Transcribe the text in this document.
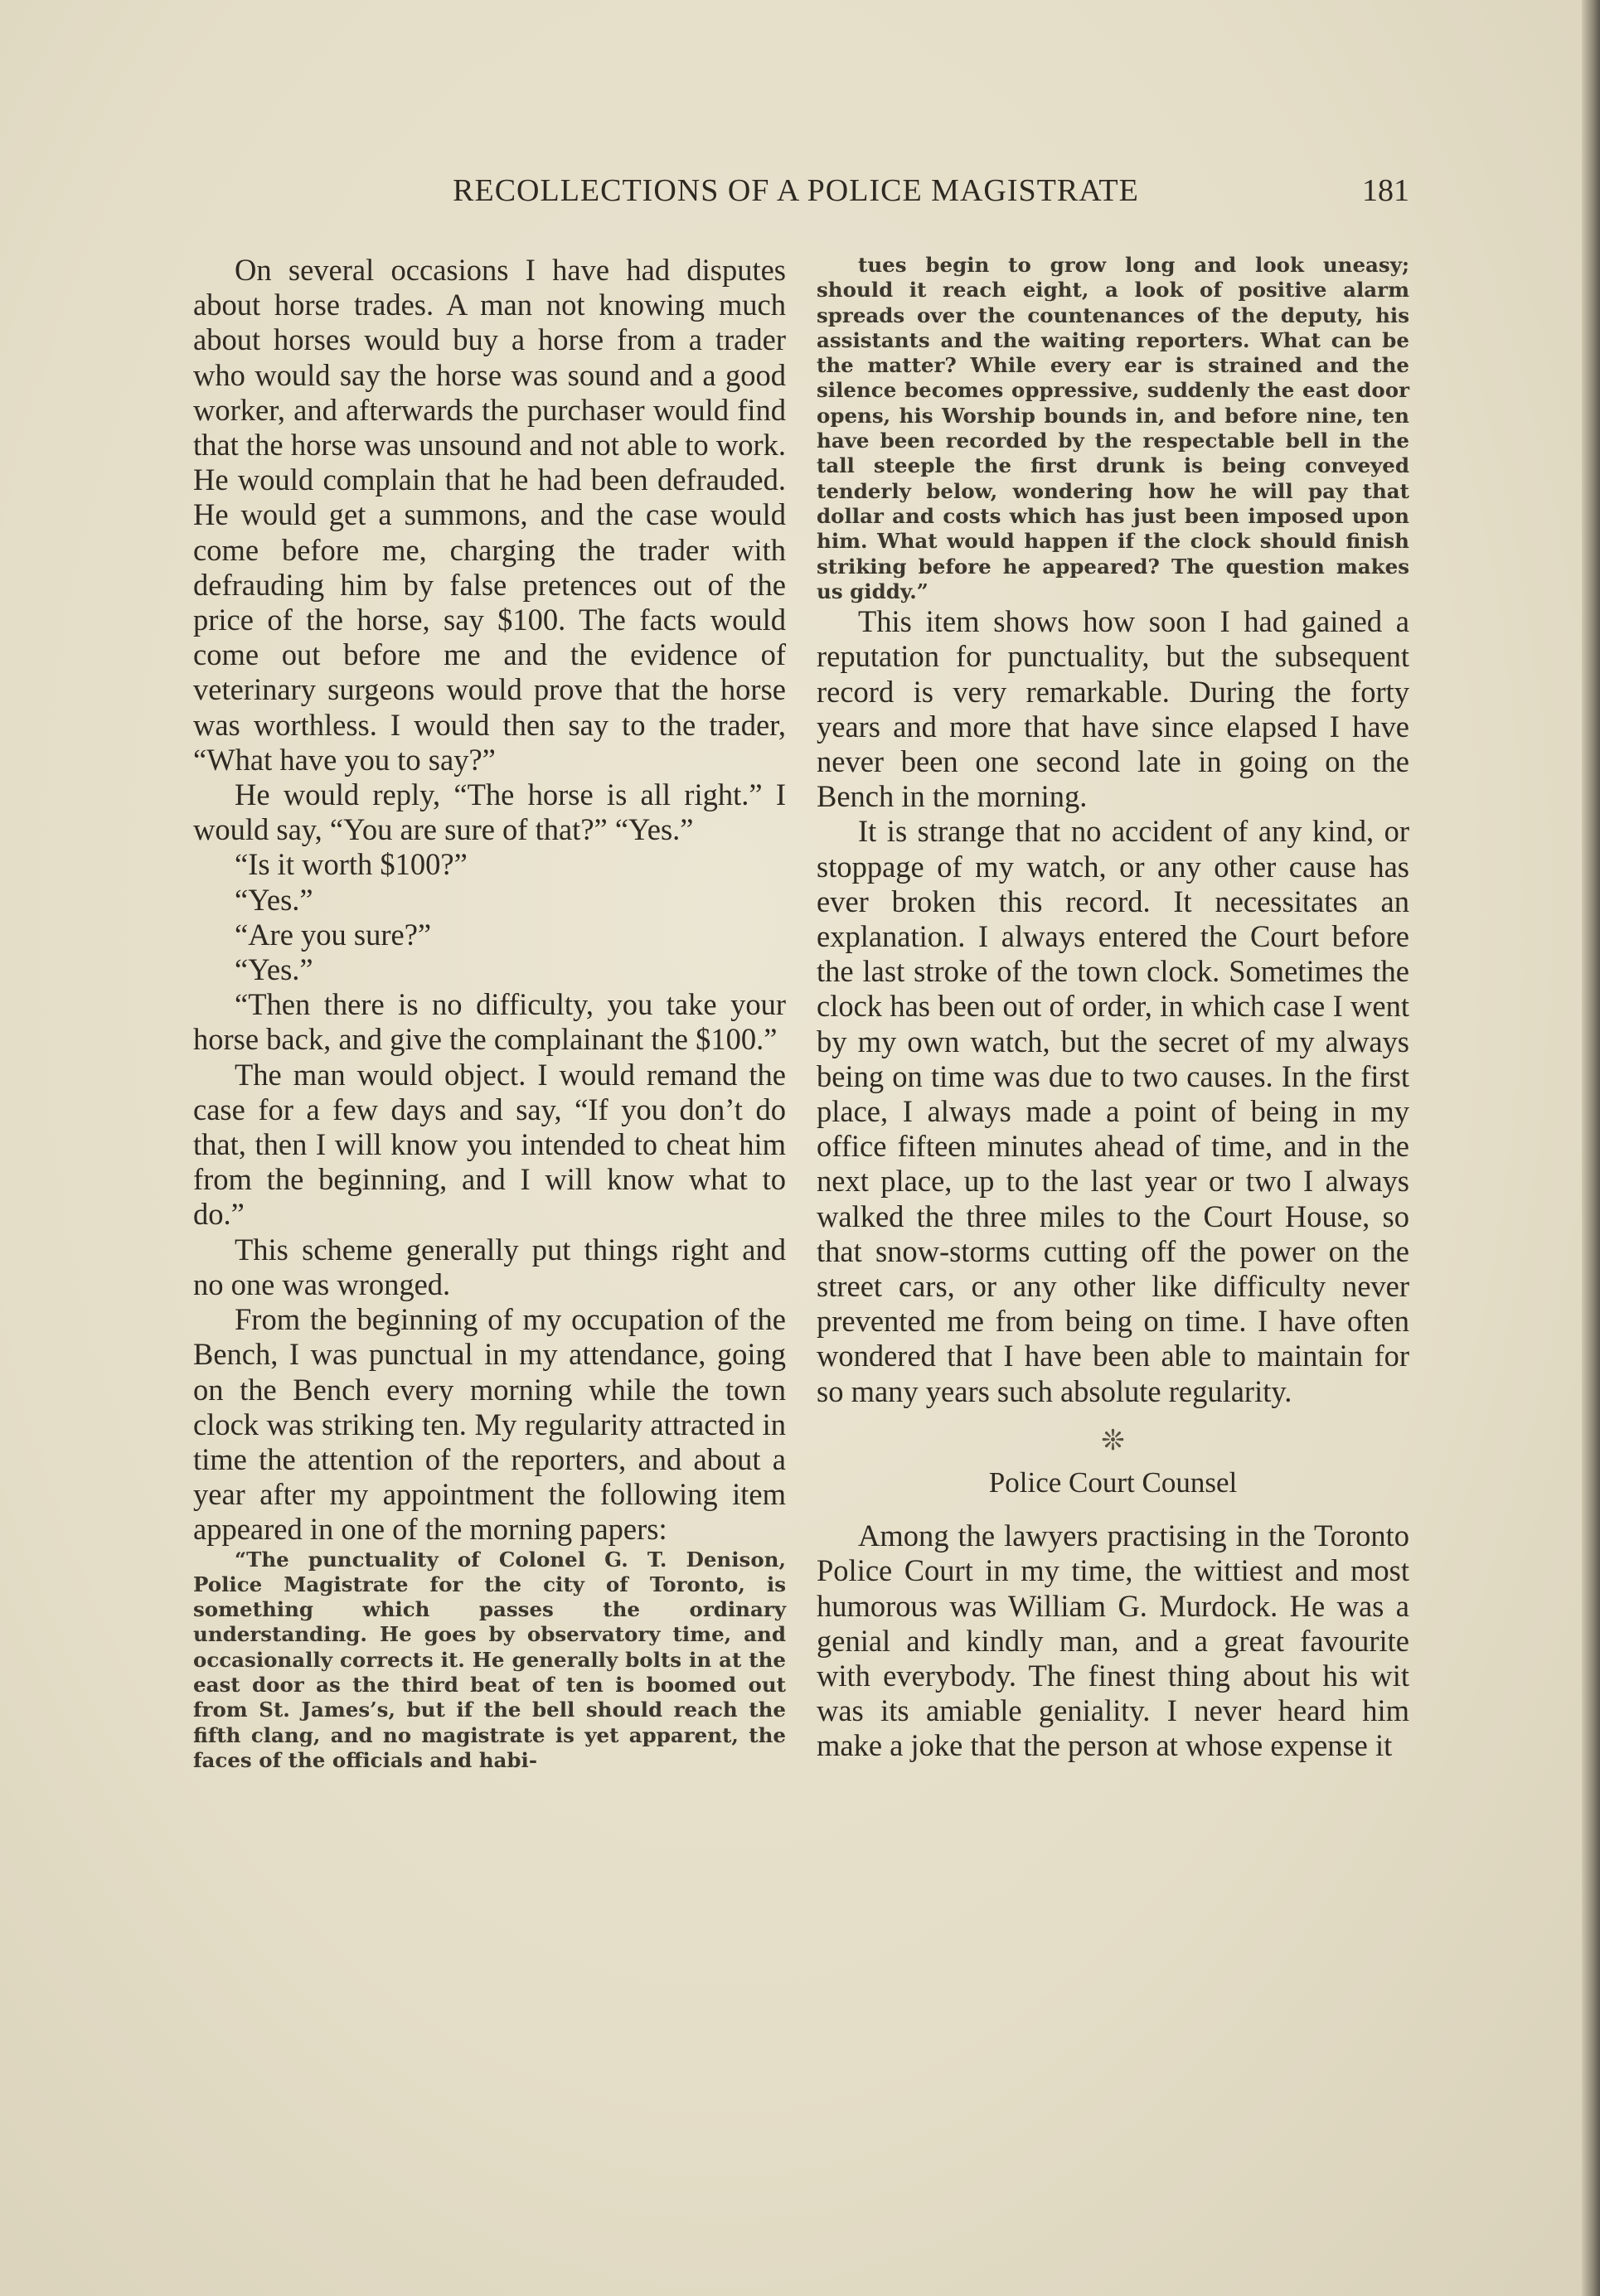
RECOLLECTIONS OF A POLICE MAGISTRATE	181

On several occasions I have had disputes about horse trades. A man not knowing much about horses would buy a horse from a trader who would say the horse was sound and a good worker, and afterwards the purchaser would find that the horse was unsound and not able to work. He would complain that he had been defrauded. He would get a summons, and the case would come before me, charging the trader with defrauding him by false pretences out of the price of the horse, say $100. The facts would come out before me and the evidence of veterinary surgeons would prove that the horse was worthless. I would then say to the trader, “What have you to say?”

He would reply, “The horse is all right.” I would say, “You are sure of that?” “Yes.”

“Is it worth $100?”

“Yes.”

“Are you sure?”

“Yes.”

“Then there is no difficulty, you take your horse back, and give the complainant the $100.”

The man would object. I would remand the case for a few days and say, “If you don’t do that, then I will know you intended to cheat him from the beginning, and I will know what to do.”

This scheme generally put things right and no one was wronged.

From the beginning of my occupation of the Bench, I was punctual in my attendance, going on the Bench every morning while the town clock was striking ten. My regularity attracted in time the attention of the reporters, and about a year after my appointment the following item appeared in one of the morning papers:

“The punctuality of Colonel G. T. Denison, Police Magistrate for the city of Toronto, is something which passes the ordinary understanding. He goes by observatory time, and occasionally corrects it. He generally bolts in at the east door as the third beat of ten is boomed out from St. James’s, but if the bell should reach the fifth clang, and no magistrate is yet apparent, the faces of the officials and habi-

tues begin to grow long and look uneasy; should it reach eight, a look of positive alarm spreads over the countenances of the deputy, his assistants and the waiting reporters. What can be the matter? While every ear is strained and the silence becomes oppressive, suddenly the east door opens, his Worship bounds in, and before nine, ten have been recorded by the respectable bell in the tall steeple the first drunk is being conveyed tenderly below, wondering how he will pay that dollar and costs which has just been imposed upon him. What would happen if the clock should finish striking before he appeared? The question makes us giddy.”

This item shows how soon I had gained a reputation for punctuality, but the subsequent record is very remarkable. During the forty years and more that have since elapsed I have never been one second late in going on the Bench in the morning.

It is strange that no accident of any kind, or stoppage of my watch, or any other cause has ever broken this record. It necessitates an explanation. I always entered the Court before the last stroke of the town clock. Sometimes the clock has been out of order, in which case I went by my own watch, but the secret of my always being on time was due to two causes. In the first place, I always made a point of being in my office fifteen minutes ahead of time, and in the next place, up to the last year or two I always walked the three miles to the Court House, so that snow-storms cutting off the power on the street cars, or any other like difficulty never prevented me from being on time. I have often wondered that I have been able to maintain for so many years such absolute regularity.

❊
Police Court Counsel

Among the lawyers practising in the Toronto Police Court in my time, the wittiest and most humorous was William G. Murdock. He was a genial and kindly man, and a great favourite with everybody. The finest thing about his wit was its amiable geniality. I never heard him make a joke that the person at whose expense it
